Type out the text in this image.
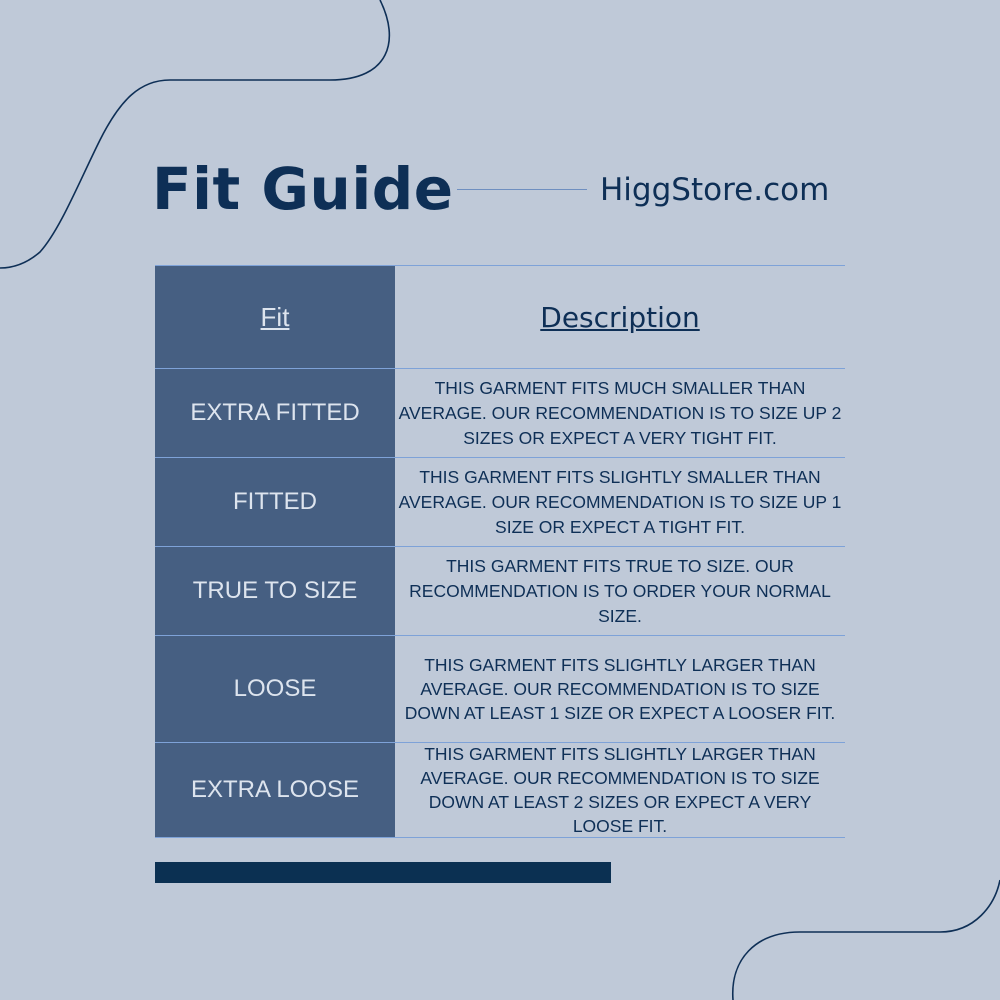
Fit Guide	HiggStore.com
Fit	Description
EXTRA FITTED
THIS GARMENT FITS MUCH SMALLER THAN AVERAGE. OUR RECOMMENDATION IS TO SIZE UP 2 SIZES OR EXPECT A VERY TIGHT FIT.
FITTED
THIS GARMENT FITS SLIGHTLY SMALLER THAN AVERAGE. OUR RECOMMENDATION IS TO SIZE UP 1 SIZE OR EXPECT A TIGHT FIT.
TRUE TO SIZE
THIS GARMENT FITS TRUE TO SIZE. OUR RECOMMENDATION IS TO ORDER YOUR NORMAL SIZE.
LOOSE
THIS GARMENT FITS SLIGHTLY LARGER THAN AVERAGE. OUR RECOMMENDATION IS TO SIZE DOWN AT LEAST 1 SIZE OR EXPECT A LOOSER FIT.
EXTRA LOOSE
THIS GARMENT FITS SLIGHTLY LARGER THAN AVERAGE. OUR RECOMMENDATION IS TO SIZE DOWN AT LEAST 2 SIZES OR EXPECT A VERY LOOSE FIT.
